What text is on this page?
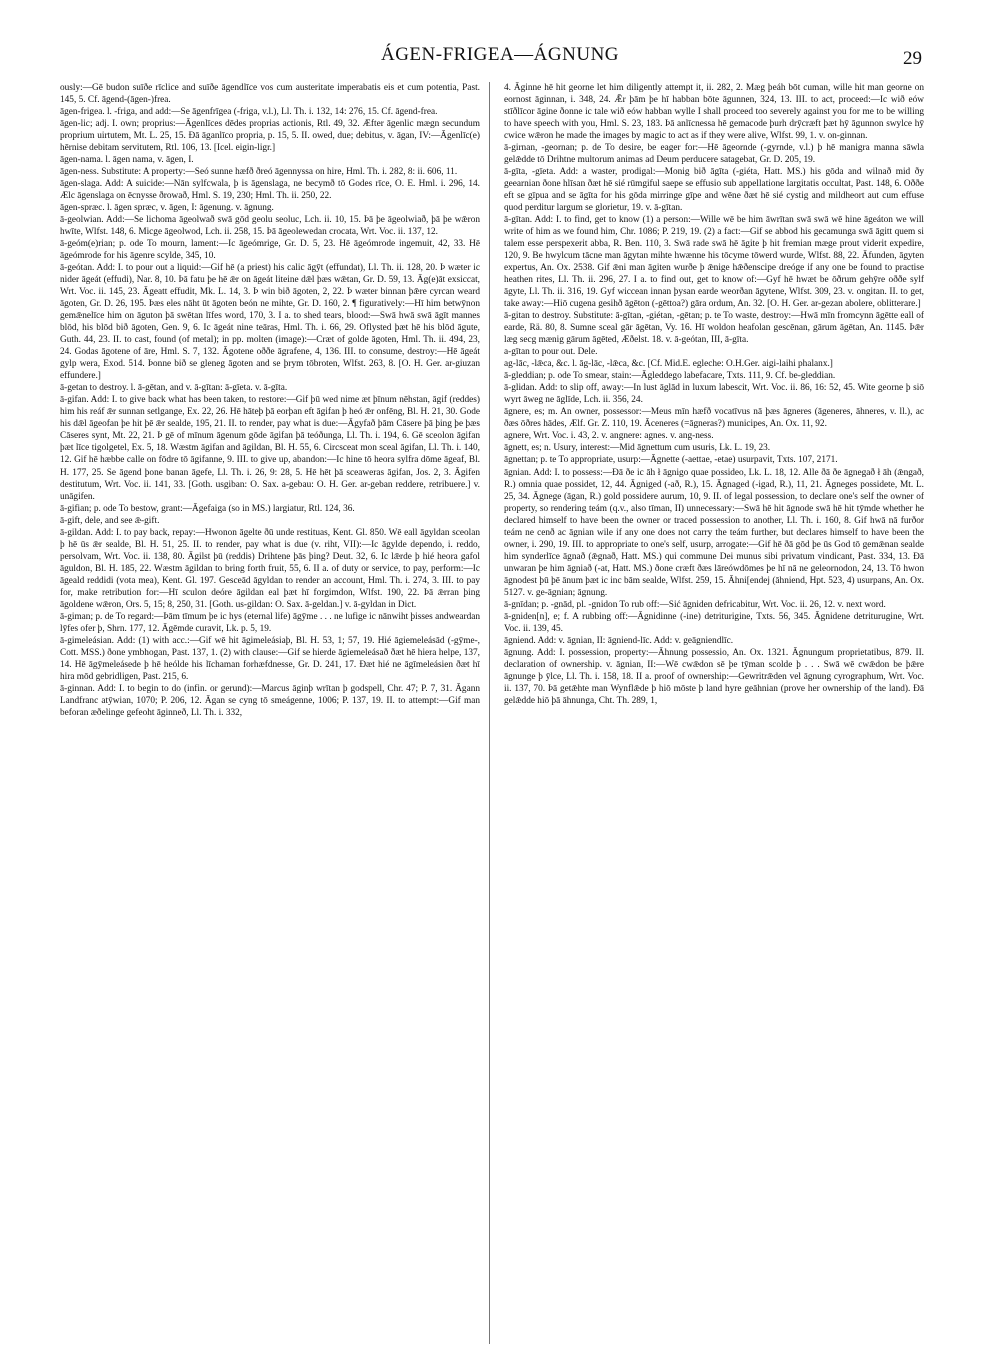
ÁGEN-FRIGEA—ÁGNUNG	29

ously:—Gē budon suīðe rīclice and suīðe āgendlīce vos cum austeritate imperabatis eis et cum potentia, Past. 145, 5. Cf. āgend-(āgen-)frea.

āgen-frigea. l. -friga, and add:—Se āgenfrīgea (-friga, v.l.), Ll. Th. i. 132, 14: 276, 15. Cf. āgend-frea.

āgen-lic; adj. I. own; proprius:—Āgenlīces dēdes proprias actionis, Rtl. 49, 32. Æfter āgenlic mægn secundum proprium uirtutem, Mt. L. 25, 15. Ðā āganlīco propria, p. 15, 5. II. owed, due; debitus, v. āgan, IV:—Āgenlīc(e) hērnise debitam servitutem, Rtl. 106, 13. [Icel. eigin-ligr.]

āgen-nama. l. āgen nama, v. āgen, I.

āgen-ness. Substitute: A property:—Seó sunne hæfð ðreó āgennyssa on hire, Hml. Th. i. 282, 8: ii. 606, 11.

āgen-slaga. Add: A suicide:—Nān sylfcwala, þ is āgenslaga, ne becymð tō Godes rīce, O. E. Hml. i. 296, 14. Ælc āgenslaga on ēcnysse ðrowað, Hml. S. 19, 230; Hml. Th. ii. 250, 22.

āgen-spræc. l. āgen spræc, v. āgen, I: āgenung. v. āgnung.

ā-geolwian. Add:—Se lichoma āgeolwað swā gōd geolu seoluc, Lch. ii. 10, 15. Þā þe āgeolwiað, þā þe wǣron hwīte, Wlfst. 148, 6. Micge āgeolwod, Lch. ii. 258, 15. Þā āgeolewedan crocata, Wrt. Voc. ii. 137, 12.

ā-geóm(e)rian; p. ode To mourn, lament:—Ic āgeómrige, Gr. D. 5, 23. Hē āgeómrode ingemuit, 42, 33. Hē āgeómrode for his āgenre scylde, 345, 10.

ā-geótan. Add: I. to pour out a liquid:—Gif hē (a priest) his calic āgȳt (effundat), Ll. Th. ii. 128, 20. Þ wæter ic nider āgeát (effudi), Nar. 8, 10. Þā fatu þe hē ǣr on āgeát liteine dǣl þæs wǣtan, Gr. D. 59, 13. Āg(e)āt exsiccat, Wrt. Voc. ii. 145, 23. Āgeatt effudit, Mk. L. 14, 3. Þ win bið āgoten, 2, 22. Þ wæter binnan þǣre cyrcan weard āgoten, Gr. D. 26, 195. Þæs eles nāht ūt āgoten beón ne mihte, Gr. D. 160, 2. ¶ figuratively:—Hī him betwȳnon gemǣnelīce him on āguton þā swētan līfes word, 170, 3. I a. to shed tears, blood:—Swā hwā swā āgīt mannes blōd, his blōd bið āgoten, Gen. 9, 6. Ic āgeát nine teāras, Hml. Th. i. 66, 29. Oflysted þæt hē his blōd āgute, Guth. 44, 23. II. to cast, found (of metal); in pp. molten (image):—Cræt of golde āgoten, Hml. Th. ii. 494, 23, 24. Godas āgotene of āre, Hml. S. 7, 132. Āgotene oððe āgrafene, 4, 136. III. to consume, destroy:—Hē āgeát gylp wera, Exod. 514. Þonne bið se gleneg āgoten and se þrym tōbroten, Wlfst. 263, 8. [O. H. Ger. ar-giuzan effundere.]

ā-getan to destroy. l. ā-gētan, and v. ā-gītan: ā-gīeta. v. ā-gīta.

ā-gifan. Add: I. to give back what has been taken, to restore:—Gif þū wed nime æt þīnum nēhstan, āgif (reddes) him his reáf ǣr sunnan setlgange, Ex. 22, 26. Hē hāteþ þā eorþan eft āgifan þ heó ǣr onfēng, Bl. H. 21, 30. Gode his dǣl āgeofan þe hit þē ǣr sealde, 195, 21. II. to render, pay what is due:—Āgyfað þām Cāsere þā þing þe þæs Cāseres synt, Mt. 22, 21. Þ gē of mīnum āgenum gōde āgifan þā teóðunga, Ll. Th. i. 194, 6. Gē sceolon āgifan þæt līce tigolgetel, Ex. 5, 18. Wæstm āgifan and āgildan, Bl. H. 55, 6. Circsceat mon sceal āgifan, Ll. Th. i. 140, 12. Gif hē hæbbe calle on fōdre tō āgifanne, 9. III. to give up, abandon:—Ic hine tō heora sylfra dōme āgeaf, Bl. H. 177, 25. Se āgend þone banan āgefe, Ll. Th. i. 26, 9: 28, 5. Hē hēt þā sceaweras āgifan, Jos. 2, 3. Āgifen destitutum, Wrt. Voc. ii. 141, 33. [Goth. usgiban: O. Sax. a-gebau: O. H. Ger. ar-geban reddere, retribuere.] v. unāgifen.

ā-gifian; p. ode To bestow, grant:—Āgefaiga (so in MS.) largiatur, Rtl. 124, 36.

ā-gift, dele, and see ǣ-gift.

ā-gildan. Add: I. to pay back, repay:—Hwonon āgelte ðū unde restituas, Kent. Gl. 850. Wē eall āgyldan sceolan þ hē ūs ǣr sealde, Bl. H. 51, 25. II. to render, pay what is due (v. riht, VII):—Ic āgylde dependo, i. reddo, persolvam, Wrt. Voc. ii. 138, 80. Āgilst þū (reddis) Drihtene þās þing? Deut. 32, 6. Ic lǣrde þ hié heora gafol āguldon, Bl. H. 185, 22. Wæstm āgildan to bring forth fruit, 55, 6. II a. of duty or service, to pay, perform:—Ic āgeald reddidi (vota mea), Kent. Gl. 197. Gesceād āgyldan to render an account, Hml. Th. i. 274, 3. III. to pay for, make retribution for:—Hī sculon deóre āgildan eal þæt hī forgimdon, Wlfst. 190, 22. Þā ǣrran þing āgoldene wǣron, Ors. 5, 15; 8, 250, 31. [Goth. us-gildan: O. Sax. ā-geldan.] v. ā-gyldan in Dict.

ā-giman; p. de To regard:—Þām tīmum þe ic hys (eternal life) āgȳme . . . ne lufige ic nānwiht þisses andweardan lȳfes ofer þ, Shrn. 177, 12. Āgēmde curavit, Lk. p. 5, 19.

ā-gimeleásian. Add: (1) with acc.:—Gif wē hit āgimeleásiaþ, Bl. H. 53, 1; 57, 19. Hié āgiemeleásād (-gȳme-, Cott. MSS.) ðone ymbhogan, Past. 137, 1. (2) with clause:—Gif se hierde āgiemeleásað ðæt hē hiera helpe, 137, 14. Hē āgȳmeleásede þ hē heólde his līchaman forhæfdnesse, Gr. D. 241, 17. Ðæt hié ne āgīmeleásien ðæt hī hira mōd gebridligen, Past. 215, 6.

ā-ginnan. Add: I. to begin to do (infin. or gerund):—Marcus āginþ wrītan þ godspell, Chr. 47; P. 7, 31. Āgann Landfranc atȳwian, 1070; P. 206, 12. Āgan se cyng tō smeágenne, 1006; P. 137, 19. II. to attempt:—Gif man beforan æðelinge gefeoht āginneð, Ll. Th. i. 332,

4. Āginne hē hit georne let him diligently attempt it, ii. 282, 2. Mæg þeáh bōt cuman, wille hit man georne on eornost āginnan, i. 348, 24. Ǣr þām þe hī habban bōte āgunnen, 324, 13. III. to act, proceed:—Ic wið eów stīðlīcor āgine ðonne ic tale wið eów habban wylle I shall proceed too severely against you for me to be willing to have speech with you, Hml. S. 23, 183. Þā anlīcnessa hē gemacode þurh drȳcræft þæt hȳ āgunnon swylce hȳ cwice wǣron he made the images by magic to act as if they were alive, Wlfst. 99, 1. v. on-ginnan.

ā-girnan, -geornan; p. de To desire, be eager for:—Hē āgeornde (-gyrnde, v.l.) þ hē manigra manna sāwla gelǣdde tō Drihtne multorum animas ad Deum perducere satagebat, Gr. D. 205, 19.

ā-gīta, -gīeta. Add: a waster, prodigal:—Monig bið āgīta (-giéta, Hatt. MS.) his gōda and wilnað mid ðy geearnian ðone hlīsan ðæt hē sié rūmgiful saepe se effusio sub appellatione largitatis occultat, Past. 148, 6. Oððe eft se gīpua and se āgīta for his gōda mirringe gīpe and wēne ðæt hē sié cystig and mildheort aut cum effuse quod perditur largum se glorietur, 19. v. ā-gītan.

ā-gītan. Add: I. to find, get to know (1) a person:—Wille wē be him āwrītan swā swā wē hine āgeáton we will write of him as we found him, Chr. 1086; P. 219, 19. (2) a fact:—Gif se abbod his gecamunga swā āgitt quem si talem esse perspexerit abba, R. Ben. 110, 3. Swā rade swā hē āgite þ hit fremian mæge prout viderit expedire, 120, 9. Be hwylcum tācne man āgytan mihte hwænne his tōcyme tōwerd wurde, Wlfst. 88, 22. Āfunden, āgyten expertus, An. Ox. 2538. Gif ǣni man āgiten wurðe þ ǣnige hǣðenscipe dreóge if any one be found to practise heathen rites, Ll. Th. ii. 296, 27. I a. to find out, get to know of:—Gyf hē hwæt be ōðrum gehȳre oððe sylf āgyte, Ll. Th. ii. 316, 19. Gyf wiccean innan þysan earde weorðan āgytene, Wlfst. 309, 23. v. ongitan. II. to get, take away:—Hiō cugena gesihð āgēton (-gēttoa?) gāra ordum, An. 32. [O. H. Ger. ar-gezan abolere, oblitterare.]

ā-gitan to destroy. Substitute: ā-gītan, -giétan, -gētan; p. te To waste, destroy:—Hwā mīn fromcynn āgētte eall of earde, Rä. 80, 8. Sumne sceal gār āgētan, Vy. 16. Hī woldon heafolan gescēnan, gārum āgētan, An. 1145. Þǣr læg secg mænig gārum āgēted, Æðelst. 18. v. ā-geótan, III, ā-gīta.

a-gītan to pour out. Dele.

ag-lāc, -lǣca, &c. l. āg-lāc, -lǣca, &c. [Cf. Mid.E. egleche: O.H.Ger. aigi-laihi phalanx.]

ā-gleddian; p. ode To smear, stain:—Āgleddego labefacare, Txts. 111, 9. Cf. be-gleddian.

ā-glidan. Add: to slip off, away:—In lust āglād in luxum labescit, Wrt. Voc. ii. 86, 16: 52, 45. Wite georne þ siō wyrt āweg ne āglīde, Lch. ii. 356, 24.

āgnere, es; m. An owner, possessor:—Meus mīn hæfð vocatīvus nā þæs āgneres (āgeneres, āhneres, v. ll.), ac ðæs ōðres hādes, Ælf. Gr. Z. 110, 19. Āceneres (=āgneras?) municipes, An. Ox. 11, 92.

agnere, Wrt. Voc. i. 43, 2. v. angnere: agnes. v. ang-ness.

āgnett, es; n. Usury, interest:—Mid āgnettum cum usuris, Lk. L. 19, 23.

āgnettan; p. te To appropriate, usurp:—Āgnette (-aettae, -etae) usurpavit, Txts. 107, 2171.

āgnian. Add: I. to possess:—Ðā ðe ic āh ł āgnigo quae possideo, Lk. L. 18, 12. Alle ðā ðe āgnegað ł āh (ǣngað, R.) omnia quae possidet, 12, 44. Āgniged (-að, R.), 15. Āgnaged (-igad, R.), 11, 21. Āgneges possidete, Mt. L. 25, 34. Āgnege (āgan, R.) gold possidere aurum, 10, 9. II. of legal possession, to declare one's self the owner of property, so rendering teám (q.v., also tīman, II) unnecessary:—Swā hē hit āgnode swā hē hit tȳmde whether he declared himself to have been the owner or traced possession to another, Ll. Th. i. 160, 8. Gif hwā nā furðor teám ne cenð ac āgnian wile if any one does not carry the teám further, but declares himself to have been the owner, i. 290, 19. III. to appropriate to one's self, usurp, arrogate:—Gif hē ðā gōd þe ūs God tō gemǣnan sealde him synderlīce āgnað (ǣgnað, Hatt. MS.) qui commune Dei munus sibi privatum vindicant, Past. 334, 13. Ðā unwaran þe him āgniað (-at, Hatt. MS.) ðone cræft ðæs lāreówdōmes þe hī nā ne geleornodon, 24, 13. Tō hwon āgnodest þū þē ānum þæt ic inc bām sealde, Wlfst. 259, 15. Āhni[endej (āhniend, Hpt. 523, 4) usurpans, An. Ox. 5127. v. ge-āgnian; āgnung.

ā-gnīdan; p. -gnād, pl. -gnidon To rub off:—Sić āgniden defricabitur, Wrt. Voc. ii. 26, 12. v. next word.

ā-gniden[n], e; f. A rubbing off:—Āgnidinne (-ine) detriturigine, Txts. 56, 345. Āgnidene detriturugine, Wrt. Voc. ii. 139, 45.

āgniend. Add: v. āgnian, II: āgniend-līc. Add: v. geāgniendlīc.

āgnung. Add: I. possession, property:—Āhnung possessio, An. Ox. 1321. Āgnungum proprietatibus, 879. II. declaration of ownership. v. āgnian, II:—Wē cwǣdon sē þe tȳman scolde þ . . . Swā wē cwǣdon be þǣre āgnunge þ ȳlce, Ll. Th. i. 158, 18. II a. proof of ownership:—Gewritrǣden vel āgnung cyrographum, Wrt. Voc. ii. 137, 70. Þā getǣhte man Wynflǣde þ hiō mōste þ land hyre geāhnian (prove her ownership of the land). Ðā gelǣdde hiō þā āhnunga, Cht. Th. 289, 1,
